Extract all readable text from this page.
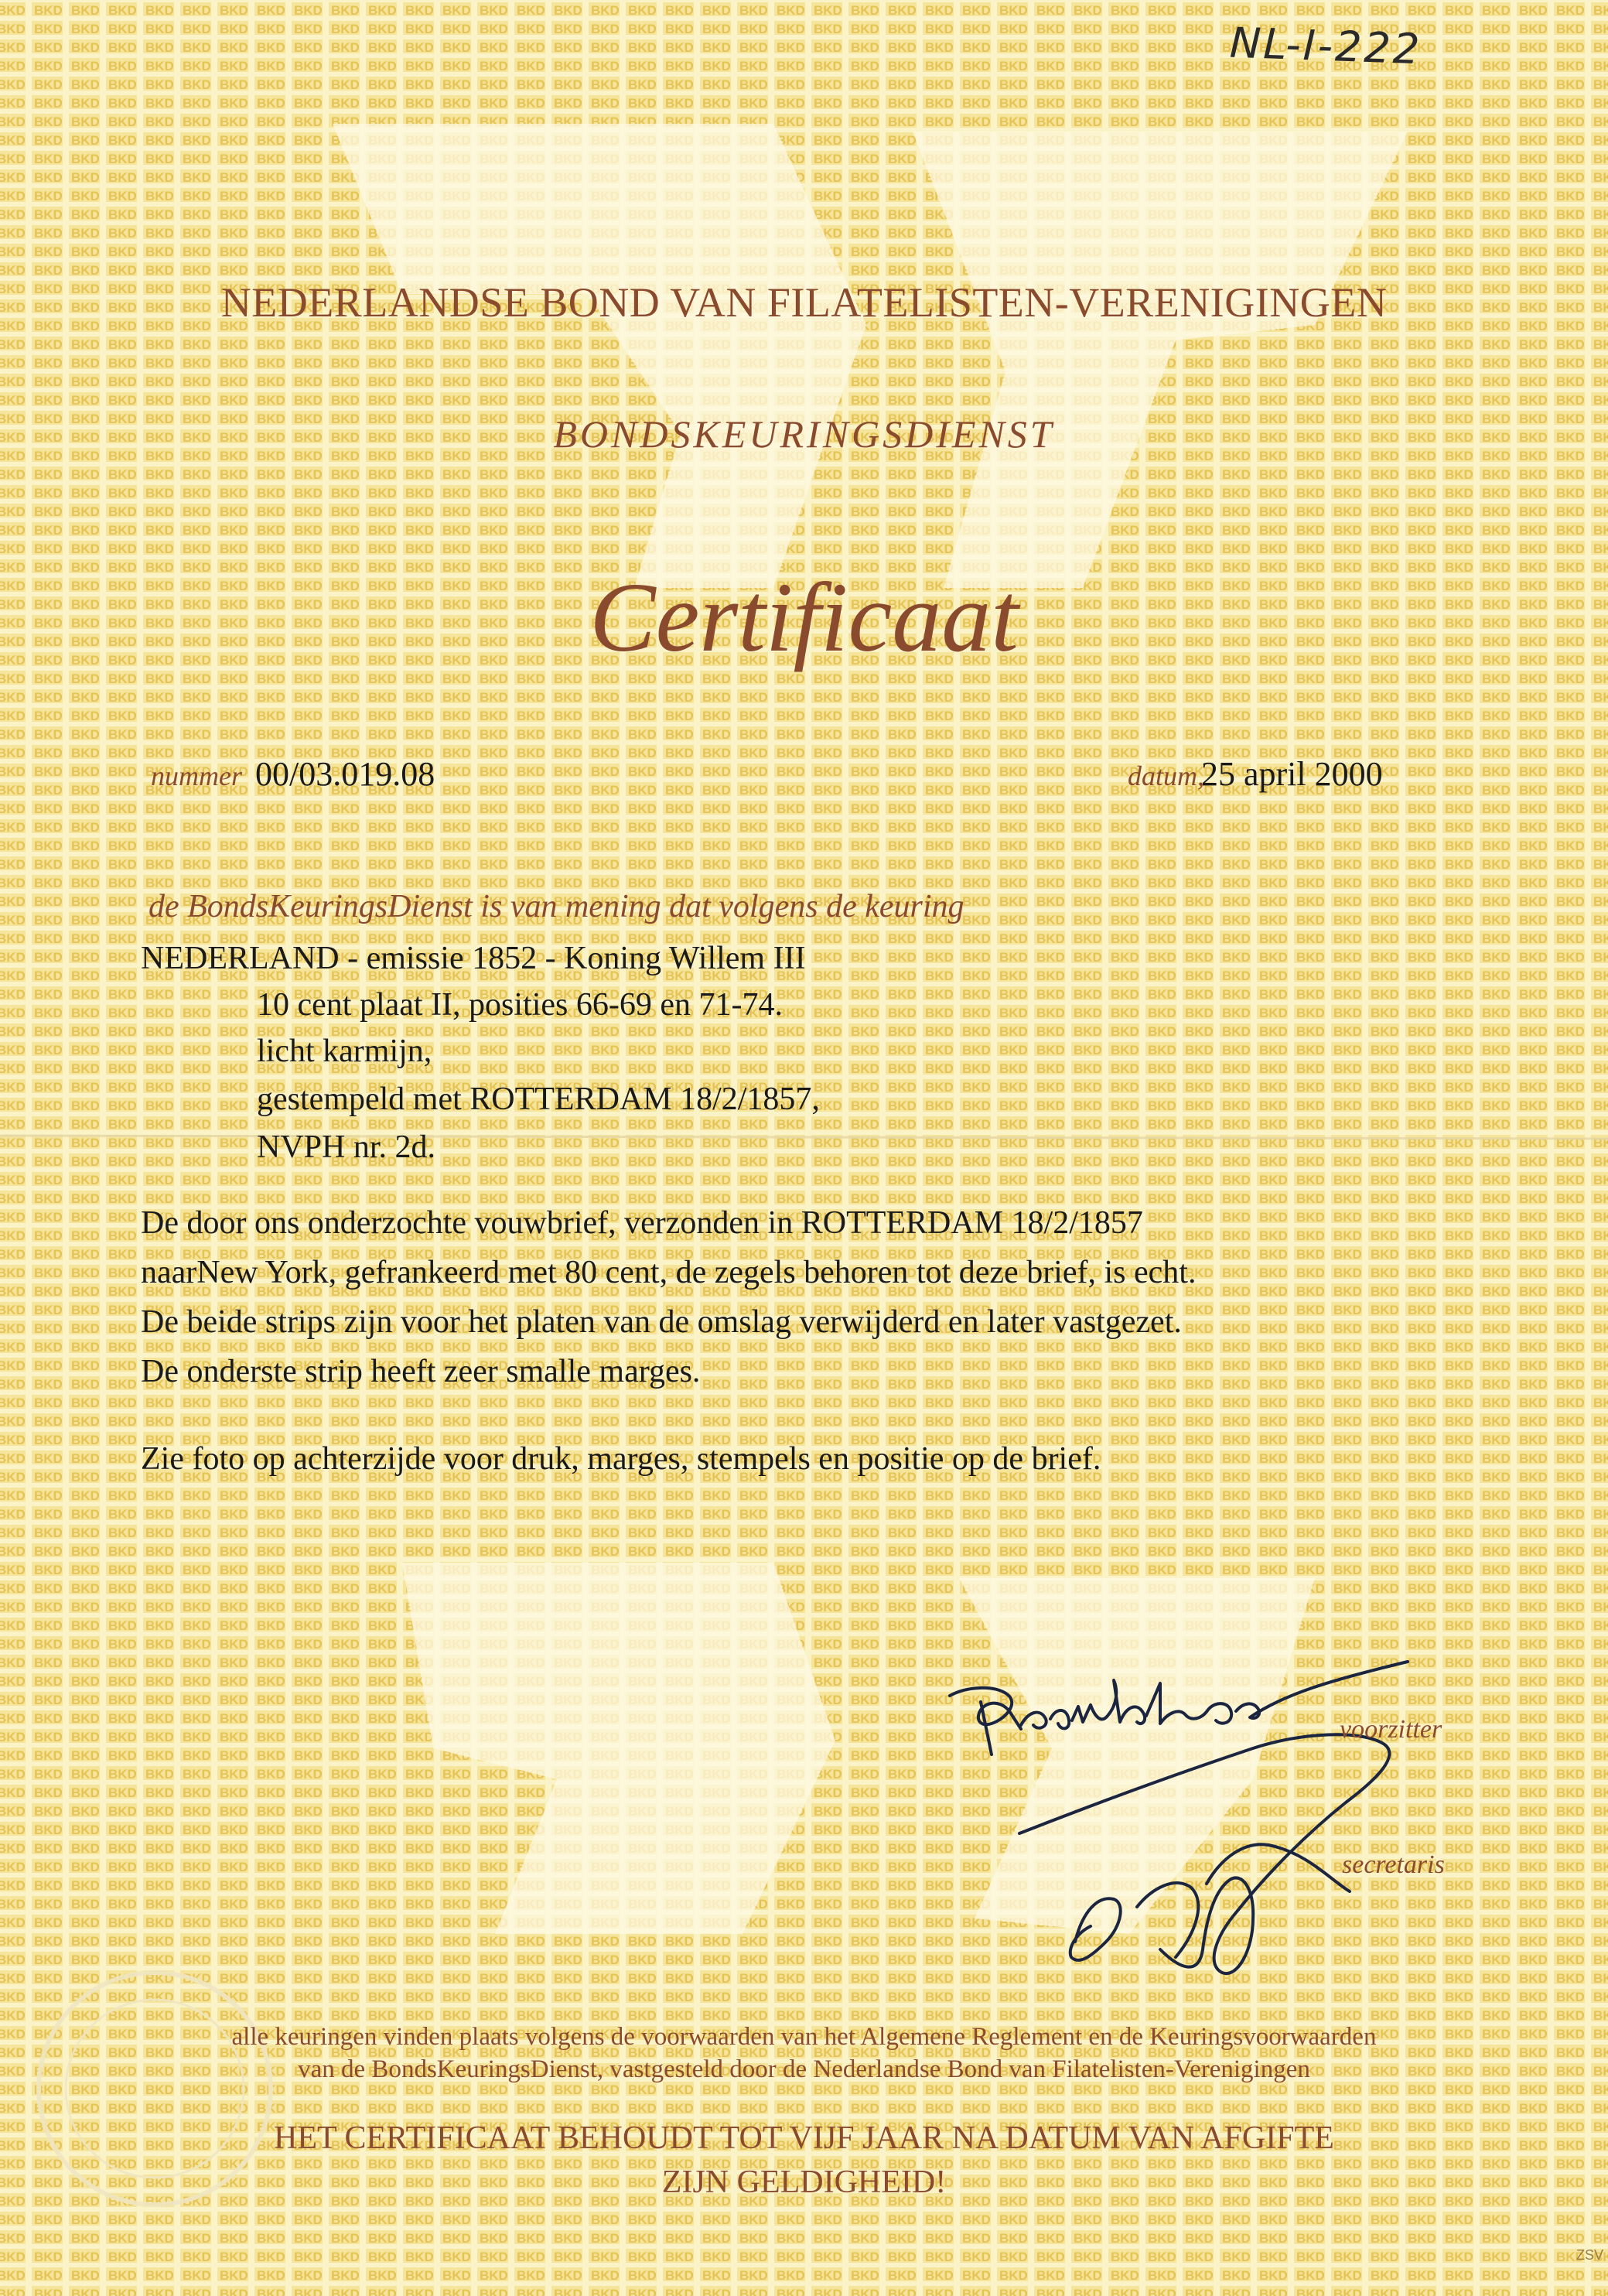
NL-I-222
NEDERLANDSE BOND VAN FILATELISTEN-VERENIGINGEN
BONDSKEURINGSDIENST
Certificaat
nummer 00/03.019.08	datum,
25 april 2000
de BondsKeuringsDienst is van mening dat volgens de keuring
NEDERLAND - emissie 1852 - Koning Willem III
10 cent plaat II, posities 66-69 en 71-74.
licht karmijn,
gestempeld met ROTTERDAM 18/2/1857,
NVPH nr. 2d.
De door ons onderzochte vouwbrief, verzonden in ROTTERDAM 18/2/1857
naarNew York, gefrankeerd met 80 cent, de zegels behoren tot deze brief, is echt.
De beide strips zijn voor het platen van de omslag verwijderd en later vastgezet.
De onderste strip heeft zeer smalle marges.
Zie foto op achterzijde voor druk, marges, stempels en positie op de brief.
voorzitter
secretaris
alle keuringen vinden plaats volgens de voorwaarden van het Algemene Reglement en de Keuringsvoorwaarden
van de BondsKeuringsDienst, vastgesteld door de Nederlandse Bond van Filatelisten-Verenigingen
HET CERTIFICAAT BEHOUDT TOT VIJF JAAR NA DATUM VAN AFGIFTE
ZIJN GELDIGHEID!
ZSV
